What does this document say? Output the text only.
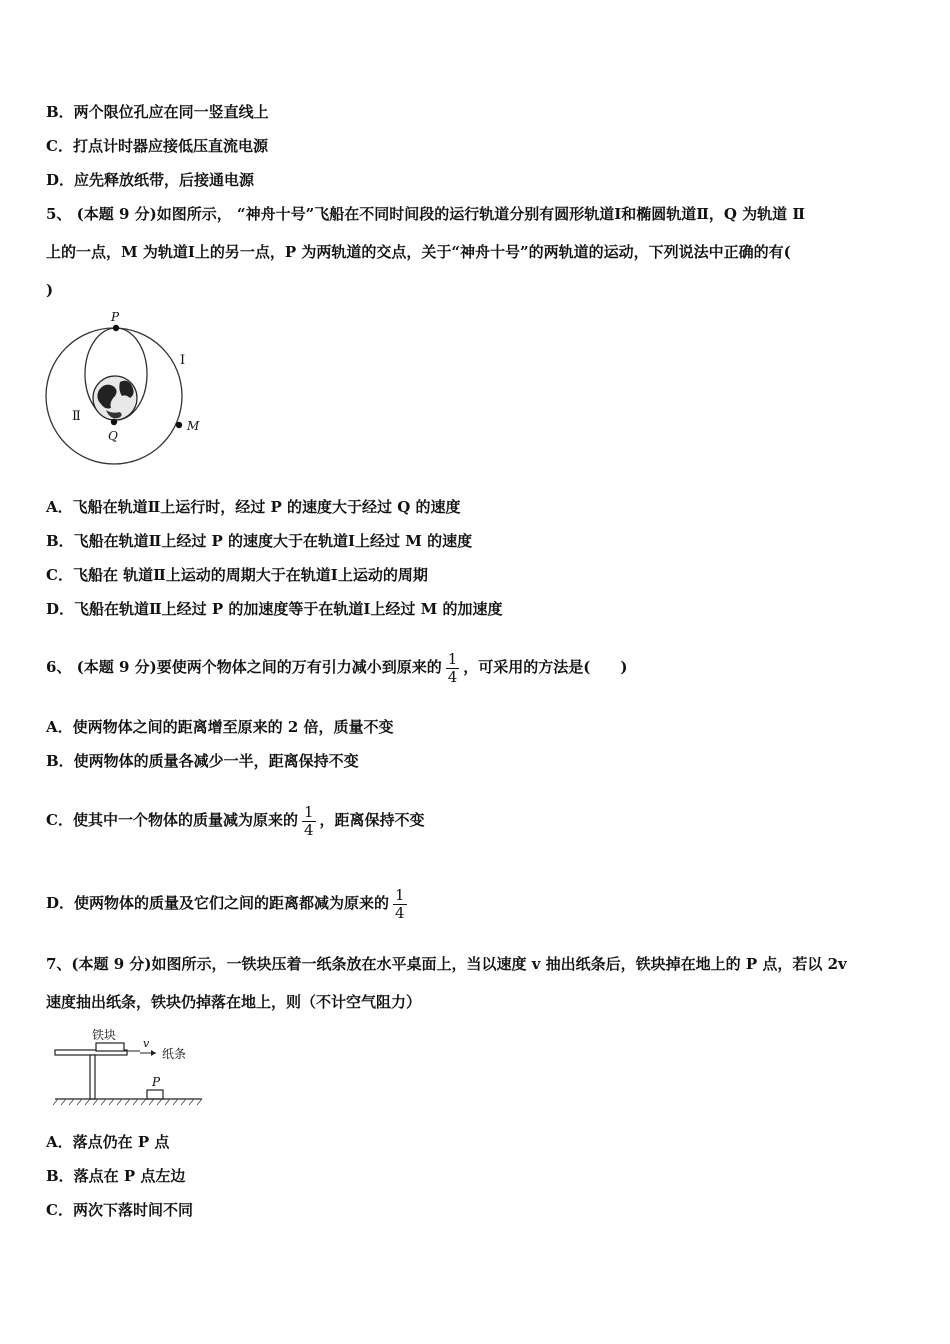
B．两个限位孔应在同一竖直线上
C．打点计时器应接低压直流电源
D．应先释放纸带，后接通电源
5、 (本题 9 分)如图所示， “神舟十号”飞船在不同时间段的运行轨道分别有圆形轨道Ⅰ和椭圆轨道Ⅱ，Q 为轨道 Ⅱ
上的一点，M 为轨道Ⅰ上的另一点，P 为两轨道的交点，关于“神舟十号”的两轨道的运动，下列说法中正确的有(
)
P
Q
M
Ⅰ
Ⅱ
A．飞船在轨道Ⅱ上运行时，经过 P 的速度大于经过 Q 的速度
B．飞船在轨道Ⅱ上经过 P 的速度大于在轨道Ⅰ上经过 M 的速度
C．飞船在 轨道Ⅱ上运动的周期大于在轨道Ⅰ上运动的周期
D．飞船在轨道Ⅱ上经过 P 的加速度等于在轨道Ⅰ上经过 M 的加速度
6、 (本题 9 分)要使两个物体之间的万有引力减小到原来的 $\frac{1}{4}$ ，可采用的方法是(　　)
A．使两物体之间的距离增至原来的 2 倍，质量不变
B．使两物体的质量各减少一半，距离保持不变
C．使其中一个物体的质量减为原来的 $\frac{1}{4}$ ，距离保持不变
D．使两物体的质量及它们之间的距离都减为原来的 $\frac{1}{4}$
7、(本题 9 分)如图所示，一铁块压着一纸条放在水平桌面上，当以速度 v 抽出纸条后，铁块掉在地上的 P 点，若以 2v
速度抽出纸条，铁块仍掉落在地上，则（不计空气阻力）
铁块
v
纸条
P
A．落点仍在 P 点
B．落点在 P 点左边
C．两次下落时间不同
